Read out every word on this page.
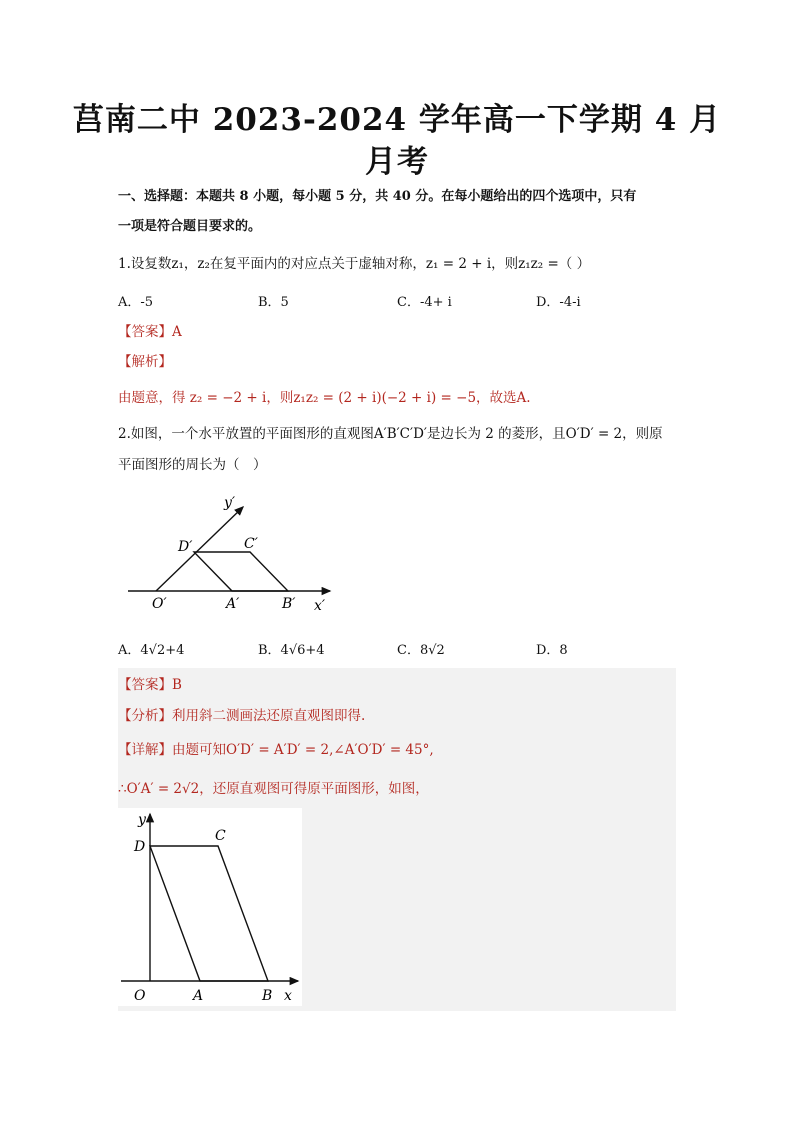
莒南二中 2023-2024 学年高一下学期 4 月
月考
一、选择题：本题共 8 小题，每小题 5 分，共 40 分。在每小题给出的四个选项中，只有
一项是符合题目要求的。
1.设复数z₁，z₂在复平面内的对应点关于虚轴对称，z₁ = 2 + i，则z₁z₂ =（ ）
A．-5	B．5	C．-4+ i	D．-4-i
【答案】A
【解析】
由题意，得 z₂ = −2 + i，则z₁z₂ = (2 + i)(−2 + i) = −5，故选A.
2.如图，一个水平放置的平面图形的直观图A′B′C′D′是边长为 2 的菱形，且O′D′ = 2，则原
平面图形的周长为（　）
y′
x′
O′	A′	B′
C′
D′
A．4√2+4	B．4√6+4	C．8√2	D．8
【答案】B
【分析】利用斜二测画法还原直观图即得.
【详解】由题可知O′D′ = A′D′ = 2,∠A′O′D′ = 45°,
∴O′A′ = 2√2，还原直观图可得原平面图形，如图，
y
x
O	A	B
C
D
